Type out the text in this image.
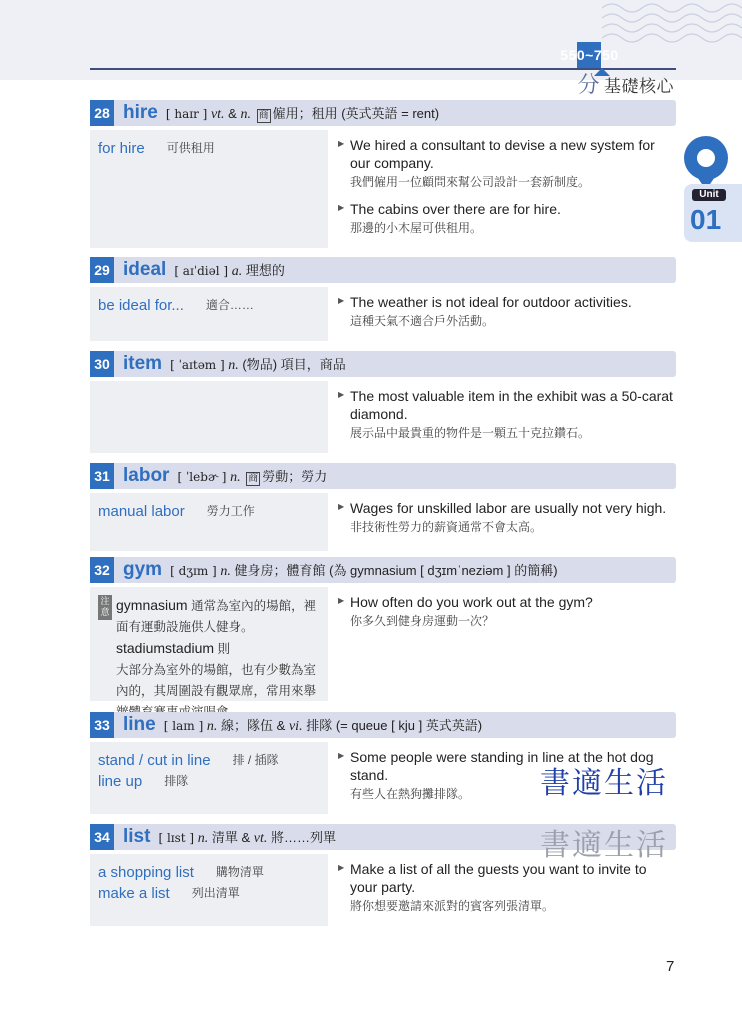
550~750
分 基礎核心
Unit
01
28 hire [ haɪr ] vt. & n. 商 僱用；租用 (英式英語 = rent)
for hire 可供租用	▶ We hired a consultant to devise a new system for our company.
我們僱用一位顧問來幫公司設計一套新制度。
▶ The cabins over there are for hire.
那邊的小木屋可供租用。
29 ideal [ aɪˈdiəl ] a. 理想的
be ideal for... 適合……	▶ The weather is not ideal for outdoor activities.
這種天氣不適合戶外活動。
30 item [ ˈaɪtəm ] n. (物品) 項目，商品
▶ The most valuable item in the exhibit was a 50-carat diamond.
展示品中最貴重的物件是一顆五十克拉鑽石。
31 labor [ ˈlebɚ ] n. 商 勞動；勞力
manual labor 勞力工作	▶ Wages for unskilled labor are usually not very high.
非技術性勞力的薪資通常不會太高。
32 gym [ dʒɪm ] n. 健身房；體育館 (為 gymnasium [ dʒɪmˈneziəm ] 的簡稱)
注意 gymnasium 通常為室內的場館，裡
面有運動設施供人健身。stadiumstadium 則
大部分為室外的場館，也有少數為室
內的，其周圍設有觀眾席，常用來舉
▶ How often do you work out at the gym?
你多久到健身房運動一次？
33 line [ laɪn ] n. 線；隊伍 & vi. 排隊 (= queue [ kju ] 英式英語)
stand / cut in line 排 / 插隊
line up 排隊
▶ Some people were standing in line at the hot dog stand.
有些人在熱狗攤排隊。
34 list [ lɪst ] n. 清單 & vt. 將……列單
a shopping list 購物清單
make a list 列出清單
▶ Make a list of all the guests you want to invite to your party.
將你想要邀請來派對的賓客列張清單。
書適生活
書適生活
7
